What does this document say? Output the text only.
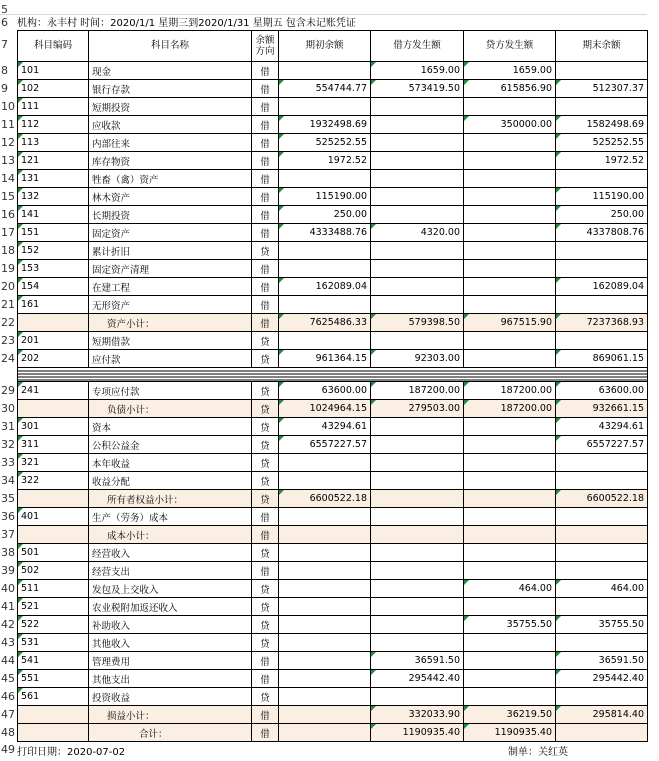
5
6
7
机构：永丰村 时间：2020/1/1 星期三到2020/1/31 星期五 包含未记账凭证
8
9
10
11
12
13
14
15
16
17
18
19
20
21
22
23
24
29
30
31
32
33
34
35
36
37
38
39
40
41
42
43
44
45
46
47
48
科目编码	科目名称	余额方向	期初余额	借方发生额	贷方发生额	期末余额
101	现金	借		1659.00	1659.00

102	银行存款	借	554744.77	573419.50	615856.90	512307.37

111	短期投资	借				
112	应收款	借	1932498.69		350000.00	1582498.69

113	内部往来	借	525252.55			525252.55

121	库存物资	借	1972.52			1972.52

131	牲畜（禽）资产	借				
132	林木资产	借	115190.00			115190.00

141	长期投资	借	250.00			250.00

151	固定资产	借	4333488.76	4320.00		4337808.76

152	累计折旧	贷				
153	固定资产清理	借				
154	在建工程	借	162089.04			162089.04

161	无形资产	借				
	资产小计：	借	7625486.33	579398.50	967515.90	7237368.93

201	短期借款	贷				
202	应付款	贷	961364.15	92303.00		869061.15

241	专项应付款	贷	63600.00	187200.00	187200.00	63600.00

	负债小计：	贷	1024964.15	279503.00	187200.00	932661.15

301	资本	贷	43294.61			43294.61

311	公积公益金	贷	6557227.57			6557227.57

321	本年收益	贷				
322	收益分配	贷				
	所有者权益小计：	贷	6600522.18			6600522.18

401	生产（劳务）成本	借				
	成本小计：	借				
501	经营收入	贷				
502	经营支出	借				
511	发包及上交收入	贷			464.00	464.00

521	农业税附加返还收入	贷				
522	补助收入	贷			35755.50	35755.50

531	其他收入	贷				
541	管理费用	借		36591.50		36591.50

551	其他支出	借		295442.40		295442.40

561	投资收益	贷				
	损益小计：	借		332033.90	36219.50	295814.40

	合计：	借		1190935.40	1190935.40

49 打印日期：2020-07-02	制单：关红英
